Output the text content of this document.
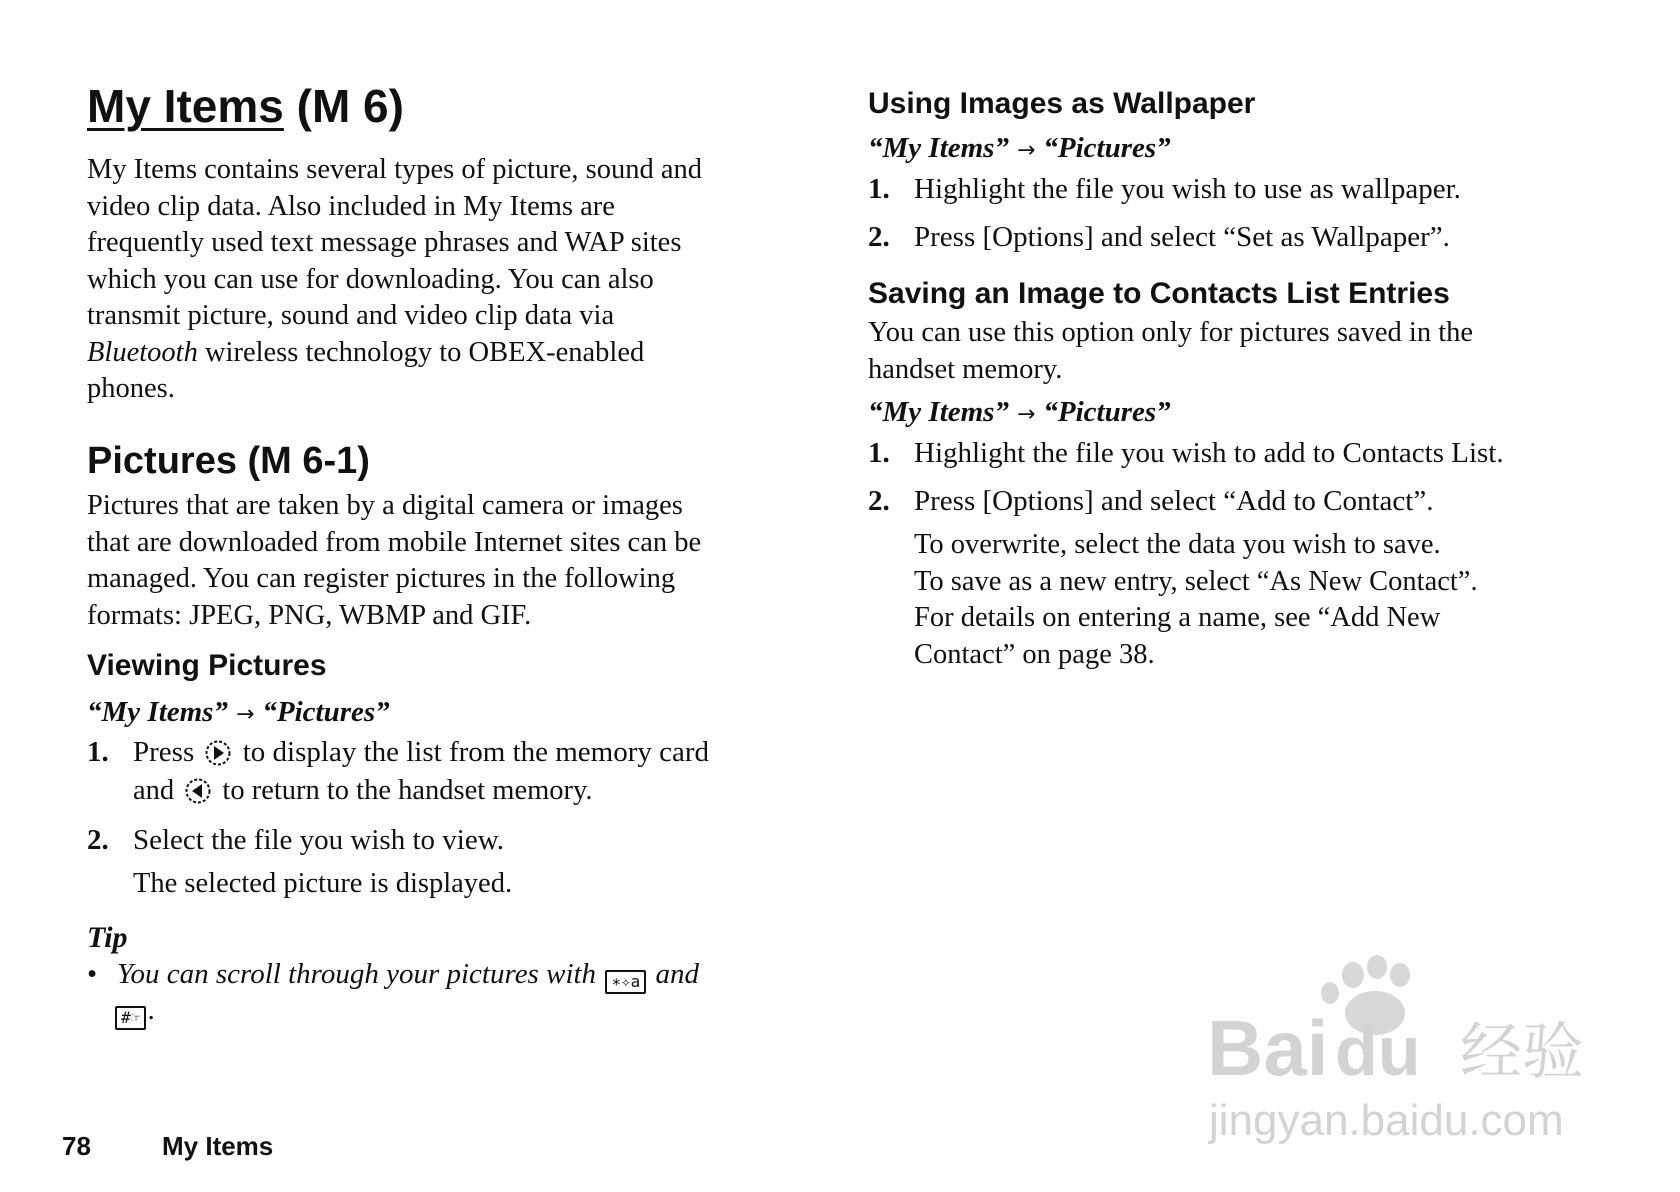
My Items (M 6)
My Items contains several types of picture, sound and
video clip data. Also included in My Items are
frequently used text message phrases and WAP sites
which you can use for downloading. You can also
transmit picture, sound and video clip data via
Bluetooth wireless technology to OBEX-enabled
phones.
Pictures (M 6-1)
Pictures that are taken by a digital camera or images
that are downloaded from mobile Internet sites can be
managed. You can register pictures in the following
formats: JPEG, PNG, WBMP and GIF.
Viewing Pictures
“My Items” → “Pictures”
1. Press to display the list from the memory card
and to return to the handset memory.
2. Select the file you wish to view.
The selected picture is displayed.
Tip
• You can scroll through your pictures with ∗✧a and
#☞ .
Using Images as Wallpaper
“My Items” → “Pictures”
1. Highlight the file you wish to use as wallpaper.
2. Press [Options] and select “Set as Wallpaper”.
Saving an Image to Contacts List Entries
You can use this option only for pictures saved in the
handset memory.
“My Items” → “Pictures”
1. Highlight the file you wish to add to Contacts List.
2. Press [Options] and select “Add to Contact”.
To overwrite, select the data you wish to save.
To save as a new entry, select “As New Contact”.
For details on entering a name, see “Add New
Contact” on page 38.
78	My Items
Bai du 经验
jingyan.baidu.com
